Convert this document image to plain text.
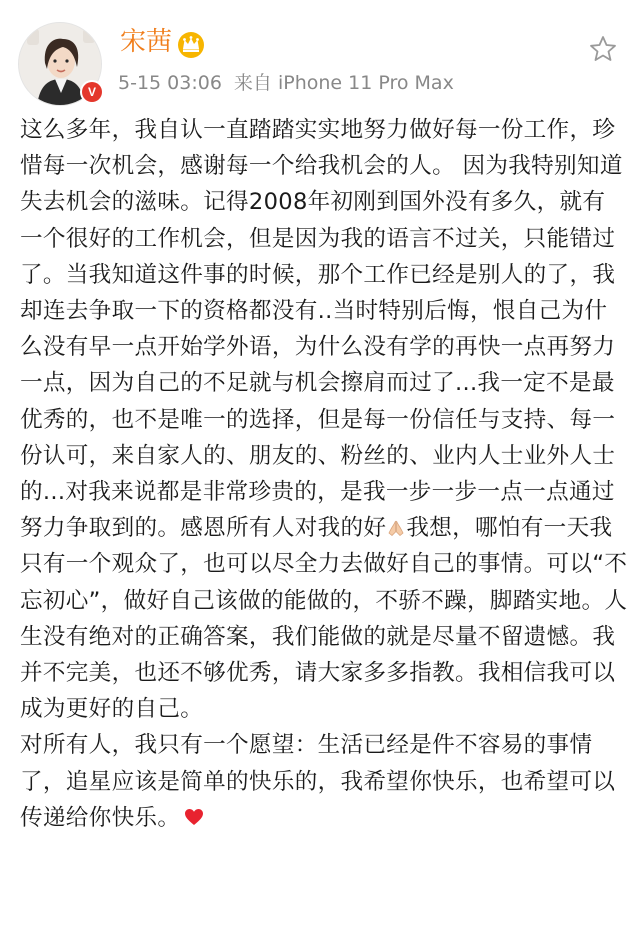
V
宋茜
5-15 03:06 来自 iPhone 11 Pro Max

这么多年，我自认一直踏踏实实地努力做好每一份工作，珍惜每一次机会，感谢每一个给我机会的人。 因为我特别知道失去机会的滋味。记得2008年初刚到国外没有多久，就有一个很好的工作机会，但是因为我的语言不过关，只能错过了。当我知道这件事的时候，那个工作已经是别人的了，我却连去争取一下的资格都没有..当时特别后悔，恨自己为什么没有早一点开始学外语，为什么没有学的再快一点再努力一点，因为自己的不足就与机会擦肩而过了...我一定不是最优秀的，也不是唯一的选择，但是每一份信任与支持、每一份认可，来自家人的、朋友的、粉丝的、业内人士业外人士的...对我来说都是非常珍贵的，是我一步一步一点一点通过努力争取到的。感恩所有人对我的好 我想，哪怕有一天我只有一个观众了，也可以尽全力去做好自己的事情。可以“不忘初心”，做好自己该做的能做的，不骄不躁，脚踏实地。人生没有绝对的正确答案，我们能做的就是尽量不留遗憾。我并不完美，也还不够优秀，请大家多多指教。我相信我可以成为更好的自己。

对所有人，我只有一个愿望：生活已经是件不容易的事情了，追星应该是简单的快乐的，我希望你快乐，也希望可以传递给你快乐。
